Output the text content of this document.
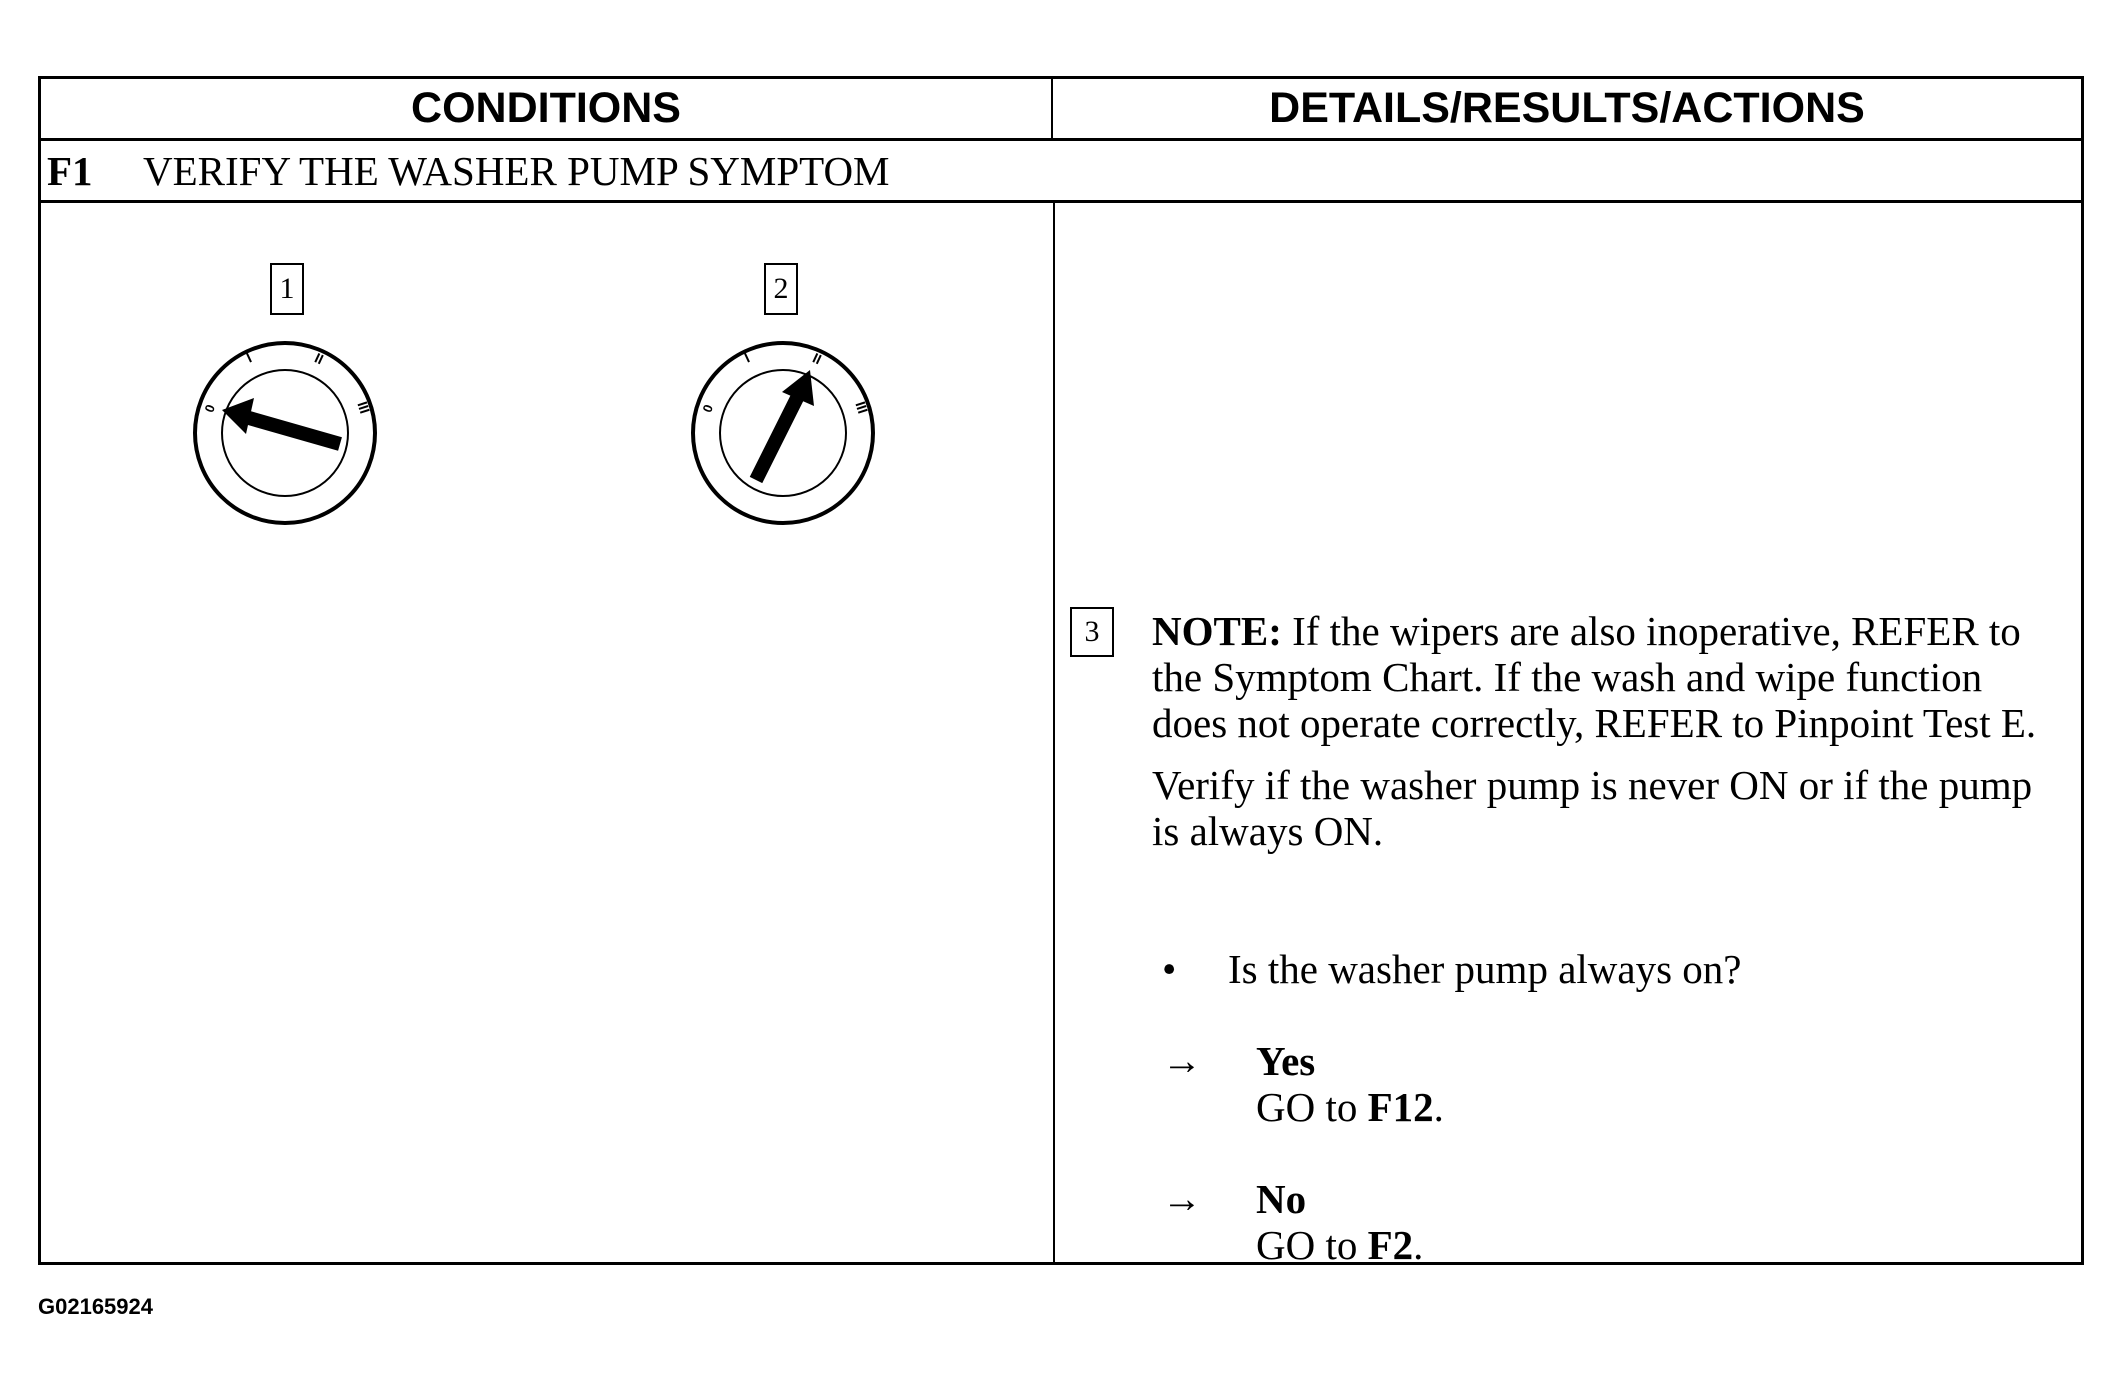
CONDITIONS	DETAILS/RESULTS/ACTIONS
F1	VERIFY THE WASHER PUMP SYMPTOM
1
0
I	II
III
2
0
I	II
III
3	NOTE: If the wipers are also inoperative, REFER to the Symptom Chart. If the wash and wipe function does not operate correctly, REFER to Pinpoint Test E.

Verify if the washer pump is never ON or if the pump is always ON.

•	Is the washer pump always on?
→	Yes
GO to F12.
→	No
GO to F2.
G02165924
